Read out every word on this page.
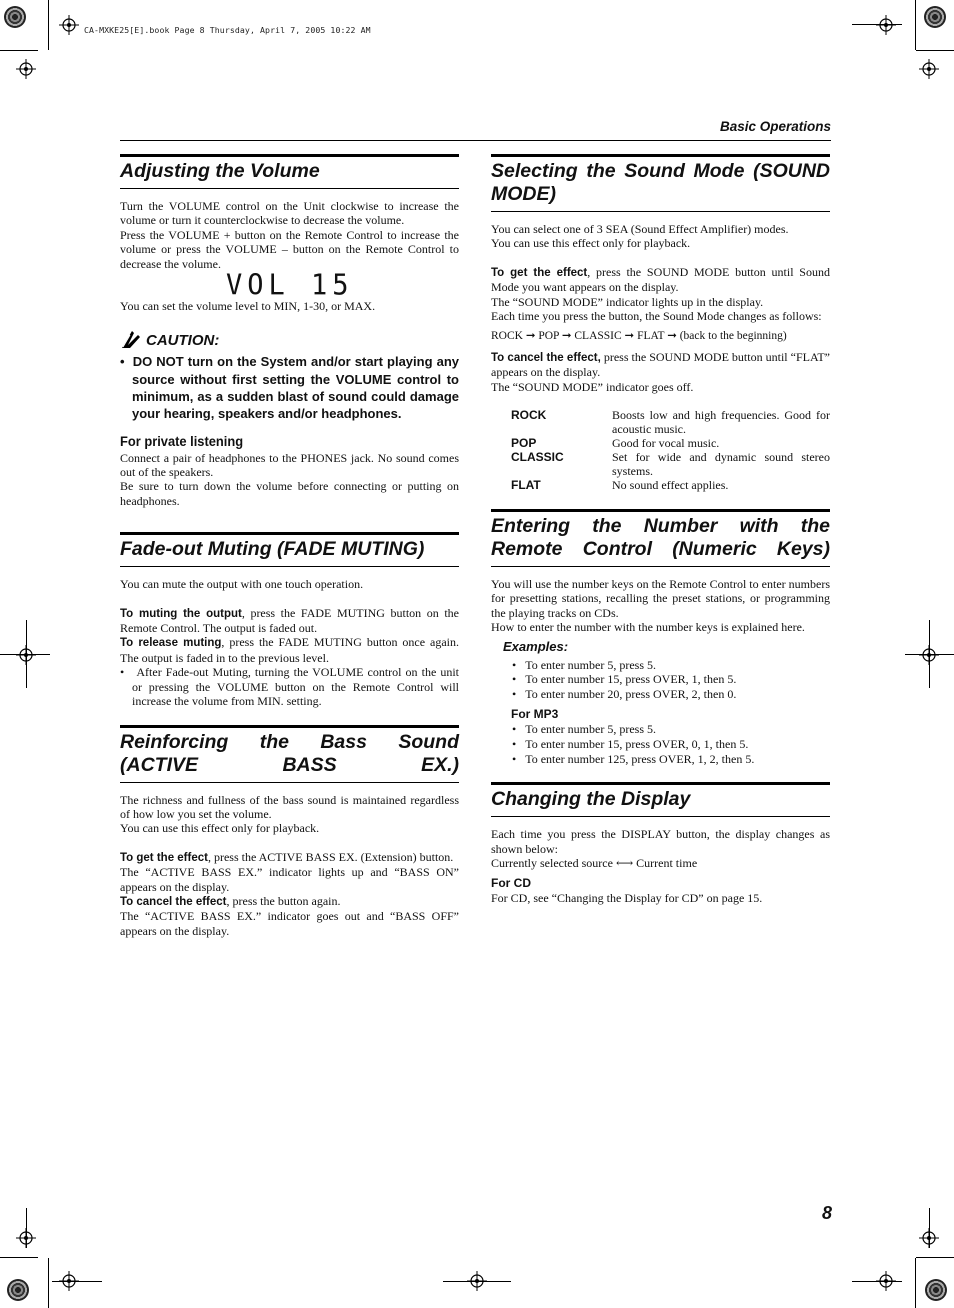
CA-MXKE25[E].book Page 8 Thursday, April 7, 2005 10:22 AM
Basic Operations
Adjusting the Volume

Turn the VOLUME control on the Unit clockwise to increase the volume or turn it counterclockwise to decrease the volume.

Press the VOLUME + button on the Remote Control to increase the volume or press the VOLUME – button on the Remote Control to decrease the volume.

VOL 15

You can set the volume level to MIN, 1-30, or MAX.

CAUTION:
•  DO NOT turn on the System and/or start playing any source without first setting the VOLUME control to minimum, as a sudden blast of sound could damage your hearing, speakers and/or headphones.
For private listening

Connect a pair of headphones to the PHONES jack. No sound comes out of the speakers.

Be sure to turn down the volume before connecting or putting on headphones.

Fade-out Muting (FADE MUTING)

You can mute the output with one touch operation.

To muting the output, press the FADE MUTING button on the Remote Control. The output is faded out.

To release muting, press the FADE MUTING button once again. The output is faded in to the previous level.

•   After Fade-out Muting, turning the VOLUME control on the unit or pressing the VOLUME button on the Remote Control will increase the volume from MIN. setting.
Reinforcing the Bass Sound (ACTIVE BASS EX.)

The richness and fullness of the bass sound is maintained regardless of how low you set the volume.

You can use this effect only for playback.

To get the effect, press the ACTIVE BASS EX. (Extension) button.

The “ACTIVE BASS EX.” indicator lights up and “BASS ON” appears on the display.

To cancel the effect, press the button again.

The “ACTIVE BASS EX.” indicator goes out and “BASS OFF” appears on the display.

Selecting the Sound Mode (SOUND MODE)

You can select one of 3 SEA (Sound Effect Amplifier) modes.

You can use this effect only for playback.

To get the effect, press the SOUND MODE button until Sound Mode you want appears on the display.

The “SOUND MODE” indicator lights up in the display.

Each time you press the button, the Sound Mode changes as follows:

ROCK ➞ POP ➞ CLASSIC ➞ FLAT ➞ (back to the beginning)

To cancel the effect, press the SOUND MODE button until “FLAT” appears on the display.

The “SOUND MODE” indicator goes off.

ROCK	Boosts low and high frequencies. Good for acoustic music.
POP	Good for vocal music.
CLASSIC	Set for wide and dynamic sound stereo systems.
FLAT	No sound effect applies.
Entering the Number with the Remote Control (Numeric Keys)

You will use the number keys on the Remote Control to enter numbers for presetting stations, recalling the preset stations, or programming the playing tracks on CDs.

How to enter the number with the number keys is explained here.

Examples:
•   To enter number 5, press 5.
•   To enter number 15, press OVER, 1, then 5.
•   To enter number 20, press OVER, 2, then 0.
For MP3
•   To enter number 5, press 5.
•   To enter number 15, press OVER, 0, 1, then 5.
•   To enter number 125, press OVER, 1, 2, then 5.
Changing the Display

Each time you press the DISPLAY button, the display changes as shown below:

Currently selected source ⟷ Current time

For CD

For CD, see “Changing the Display for CD” on page 15.

8
